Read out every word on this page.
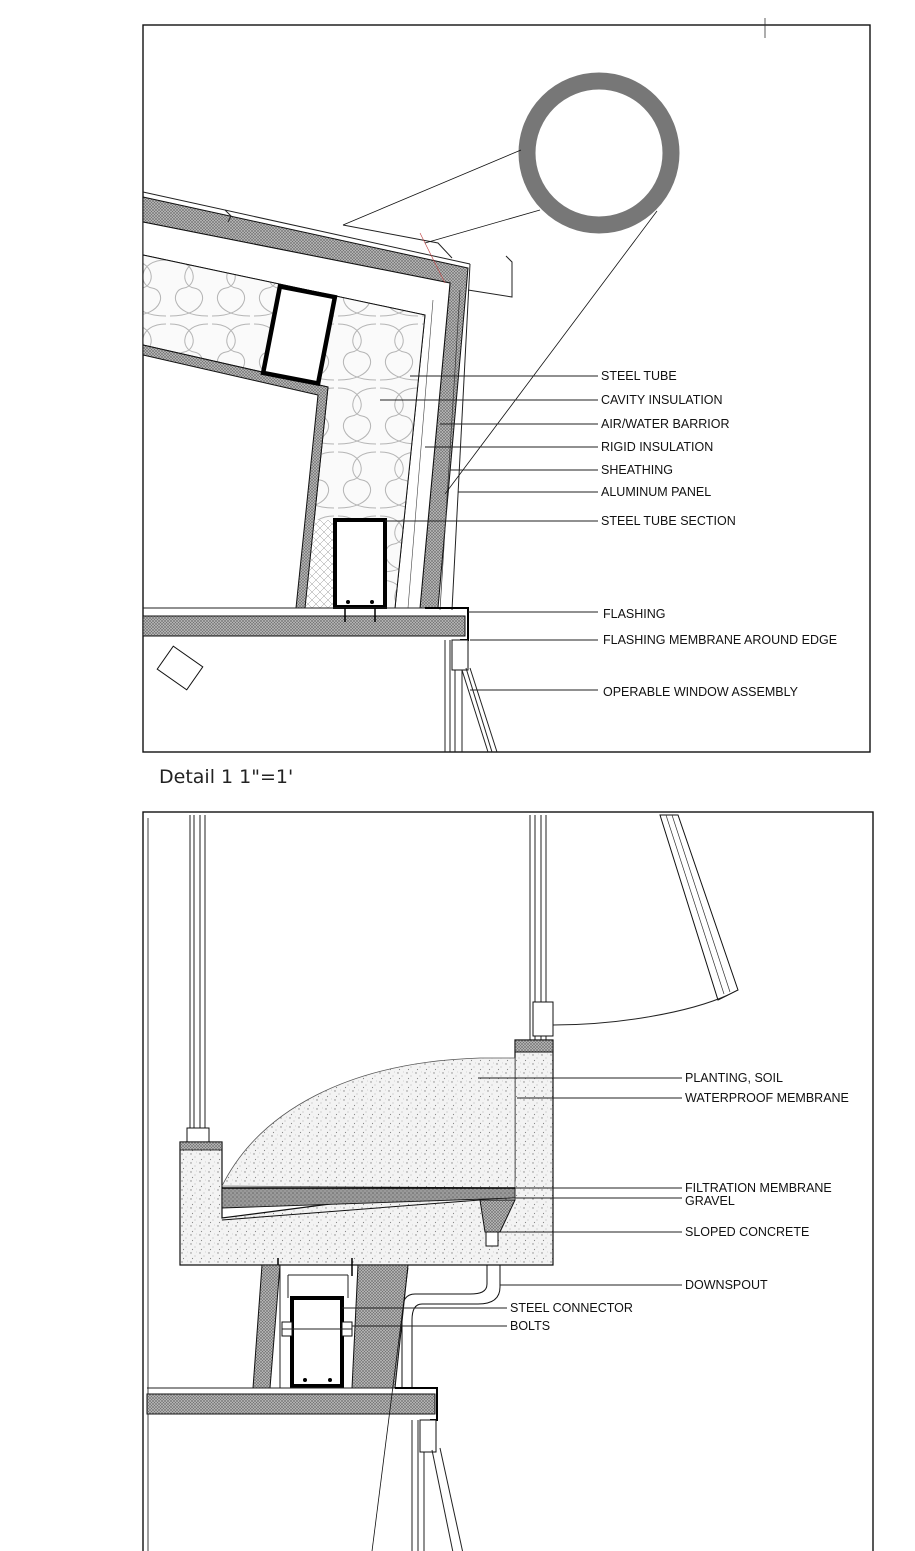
STEEL TUBE
CAVITY INSULATION
AIR/WATER BARRIOR
RIGID INSULATION
SHEATHING
ALUMINUM PANEL
STEEL TUBE SECTION
FLASHING
FLASHING MEMBRANE AROUND EDGE
OPERABLE WINDOW ASSEMBLY
Detail 1 1"=1'
PLANTING, SOIL
WATERPROOF MEMBRANE
FILTRATION MEMBRANE
GRAVEL
SLOPED CONCRETE
DOWNSPOUT
STEEL CONNECTOR
BOLTS
